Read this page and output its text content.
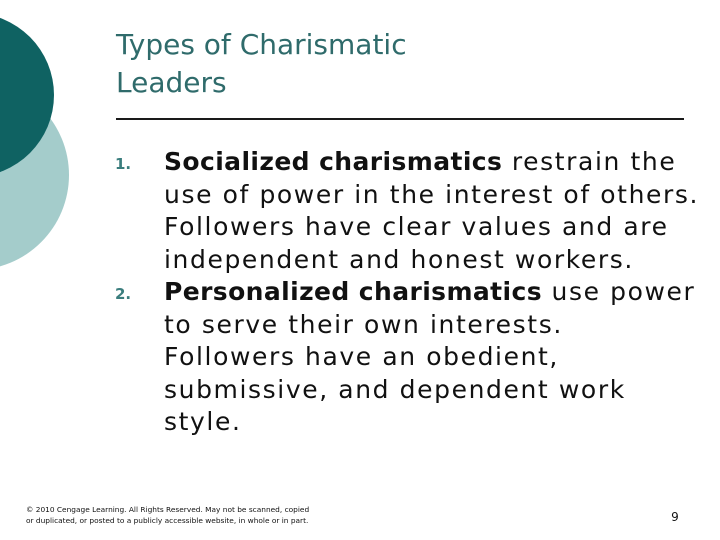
Types of Charismatic
Leaders
1.	Socialized charismatics restrain the use of power in the interest of others. Followers have clear values and are independent and honest workers.
2.	Personalized charismatics use power to serve their own interests. Followers have an obedient, submissive, and dependent work style.
© 2010 Cengage Learning. All Rights Reserved. May not be scanned, copied
or duplicated, or posted to a publicly accessible website, in whole or in part.	9
